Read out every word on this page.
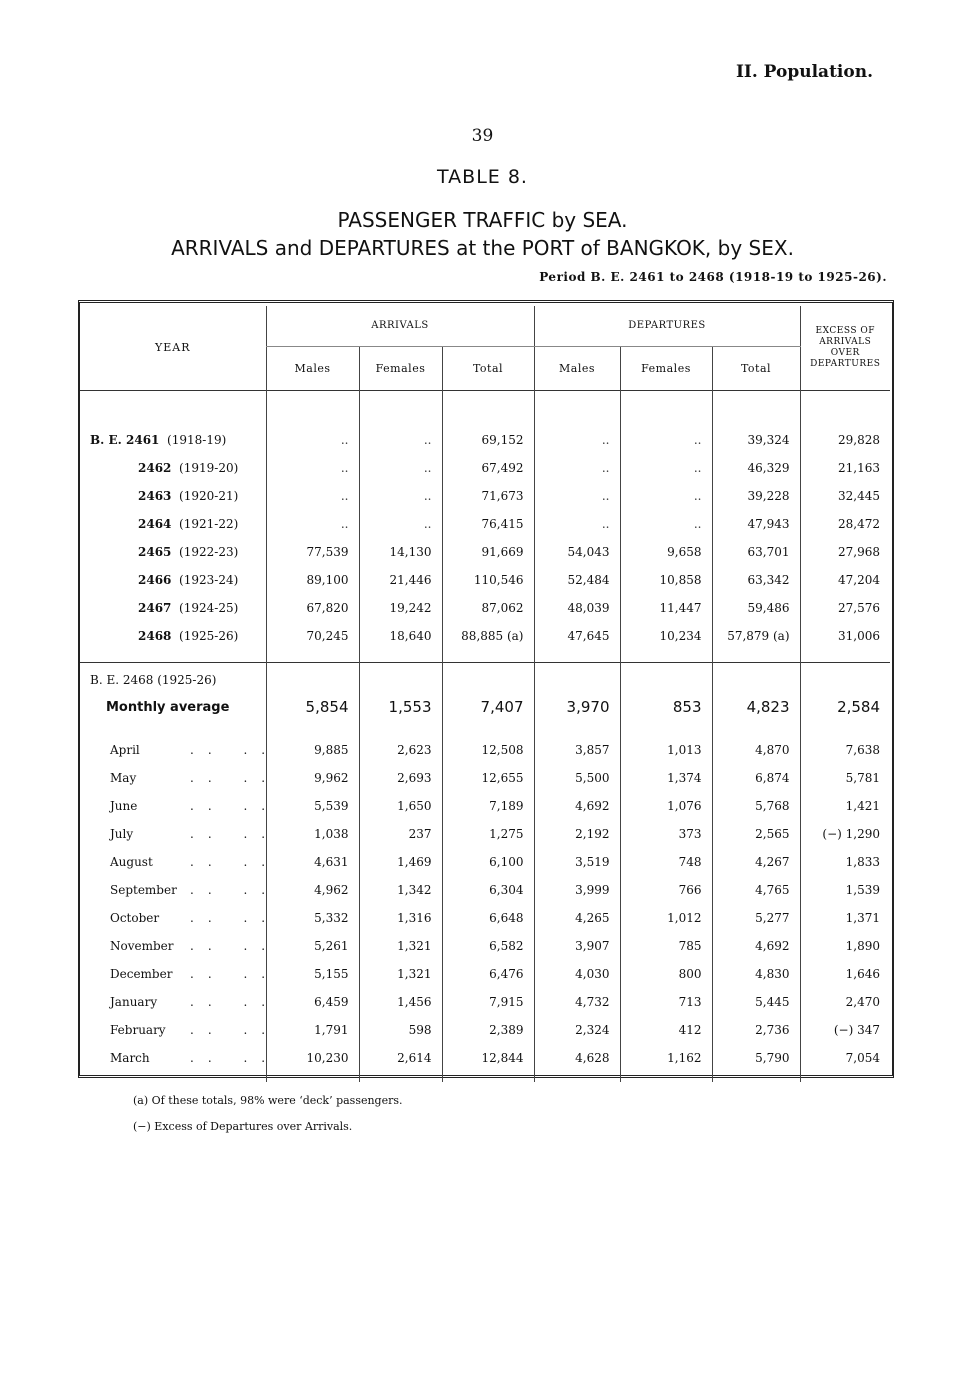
II. Population.
39
TABLE 8.
PASSENGER TRAFFIC by SEA.
ARRIVALS and DEPARTURES at the PORT of BANGKOK, by SEX.
Period B. E. 2461 to 2468 (1918-19 to 1925-26).
YEAR	ARRIVALS			DEPARTURES			EXCESS OF
ARRIVALS
OVER
DEPARTURES

	Males	Females	Total	Males	Females	Total	

B. E. 2461 (1918-19)	..	..	69,152	..	..	39,324	29,828
2462 (1919-20)	..	..	67,492	..	..	46,329	21,163
2463 (1920-21)	..	..	71,673	..	..	39,228	32,445
2464 (1921-22)	..	..	76,415	..	..	47,943	28,472
2465 (1922-23)	77,539	14,130	91,669	54,043	9,658	63,701	27,968
2466 (1923-24)	89,100	21,446	110,546	52,484	10,858	63,342	47,204
2467 (1924-25)	67,820	19,242	87,062	48,039	11,447	59,486	27,576
2468 (1925-26)	70,245	18,640	88,885 (a)	47,645	10,234	57,879 (a)	31,006

B. E. 2468 (1925-26)							
Monthly average	5,854	1,553	7,407	3,970	853	4,823	2,584

April .. ..	9,885	2,623	12,508	3,857	1,013	4,870	7,638
May .. ..	9,962	2,693	12,655	5,500	1,374	6,874	5,781
June .. ..	5,539	1,650	7,189	4,692	1,076	5,768	1,421
July .. ..	1,038	237	1,275	2,192	373	2,565	(−) 1,290
August .. ..	4,631	1,469	6,100	3,519	748	4,267	1,833
September .. ..	4,962	1,342	6,304	3,999	766	4,765	1,539
October .. ..	5,332	1,316	6,648	4,265	1,012	5,277	1,371
November .. ..	5,261	1,321	6,582	3,907	785	4,692	1,890
December .. ..	5,155	1,321	6,476	4,030	800	4,830	1,646
January .. ..	6,459	1,456	7,915	4,732	713	5,445	2,470
February .. ..	1,791	598	2,389	2,324	412	2,736	(−) 347
March .. ..	10,230	2,614	12,844	4,628	1,162	5,790	7,054

(a) Of these totals, 98% were ‘deck’ passengers.
(−) Excess of Departures over Arrivals.
